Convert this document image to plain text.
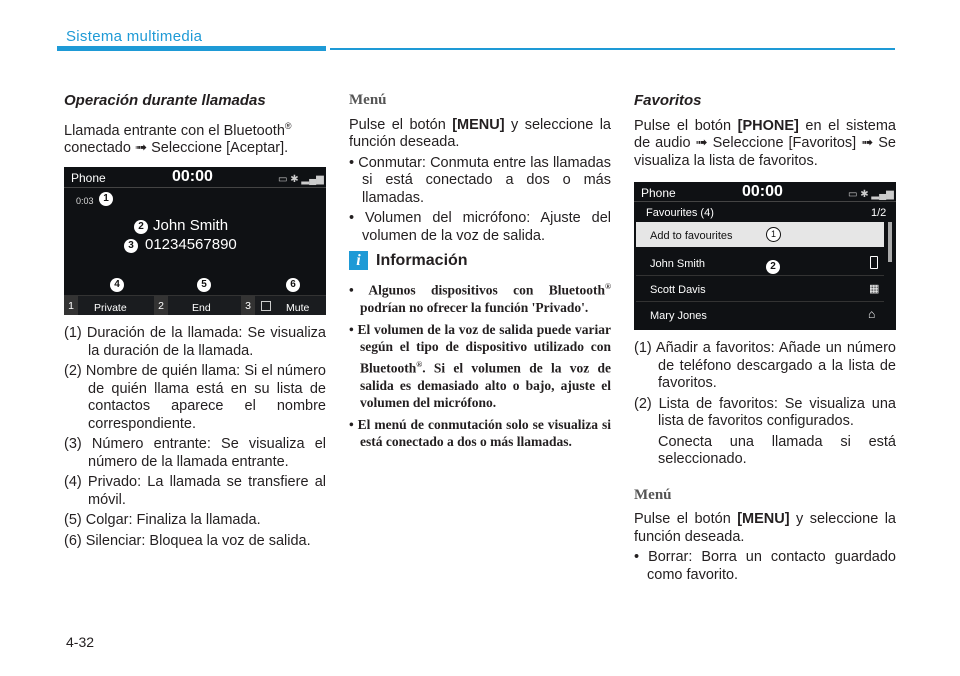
Sistema multimedia
Operación durante llamadas

Llamada entrante con el Bluetooth®
conectado ➟ Seleccione [Aceptar].

Phone	00:00	▭ ✱ ▂▄▆
0:03 1
2 John Smith
3 01234567890
4	5	6
1	Private	2	End	3	Mute
(1) Duración de la llamada: Se visualiza la duración de la llamada.
(2) Nombre de quién llama: Si el número de quién llama está en su lista de contactos aparece el nombre correspondiente.
(3) Número entrante: Se visualiza el número de la llamada entrante.
(4) Privado: La llamada se transfiere al móvil.
(5) Colgar: Finaliza la llamada.
(6) Silenciar: Bloquea la voz de salida.
Menú

Pulse el botón [MENU] y seleccione la función deseada.

• Conmutar: Conmuta entre las llamadas si está conectado a dos o más llamadas.
• Volumen del micrófono: Ajuste del volumen de la voz de salida.
i Información
• Algunos dispositivos con Bluetooth® podrían no ofrecer la función 'Privado'.
• El volumen de la voz de salida puede variar según el tipo de dispositivo utilizado con Bluetooth®. Si el volumen de la voz de salida es demasiado alto o bajo, ajuste el volumen del micrófono.
• El menú de conmutación solo se visualiza si está conectado a dos o más llamadas.
Favoritos

Pulse el botón [PHONE] en el sistema de audio ➟ Seleccione [Favoritos] ➟ Se visualiza la lista de favoritos.

Phone	00:00	▭ ✱ ▂▄▆
Favourites (4)	1/2
Add to favourites	1
John Smith	2
Scott Davis	▦
Mary Jones	⌂
(1) Añadir a favoritos: Añade un número de teléfono descargado a la lista de favoritos.
(2) Lista de favoritos: Se visualiza una lista de favoritos configurados.

Conecta una llamada si está seleccionado.

Menú

Pulse el botón [MENU] y seleccione la función deseada.

• Borrar: Borra un contacto guardado como favorito.
4-32
